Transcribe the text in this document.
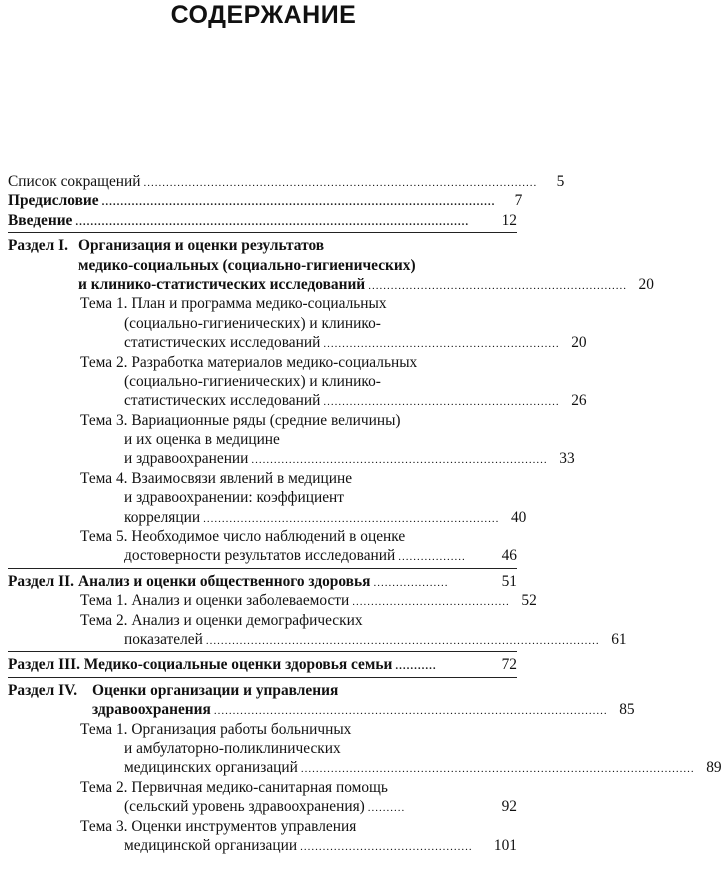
СОДЕРЖАНИЕ
Список сокращений .........................................................................................................	5
Предисловие .........................................................................................................	7
Введение .........................................................................................................	12
Раздел I. Организация и оценки результатов
медико-социальных (социально-гигиенических)
и клинико-статистических исследований ..................................................................... 20
Тема 1. План и программа медико-социальных
(социально-гигиенических) и клинико-
статистических исследований ............................................................... 20
Тема 2. Разработка материалов медико-социальных
(социально-гигиенических) и клинико-
статистических исследований ............................................................... 26
Тема 3. Вариационные ряды (средние величины)
и их оценка в медицине
и здравоохранении ............................................................................... 33
Тема 4. Взаимосвязи явлений в медицине
и здравоохранении: коэффициент
корреляции ............................................................................... 40
Тема 5. Необходимое число наблюдений в оценке
достоверности результатов исследований ..................	46
Раздел II. Анализ и оценки общественного здоровья ....................	51
Тема 1.
Анализ и оценки заболеваемости .......................................... 52
Тема 2. Анализ и оценки демографических
показателей ......................................................................................................... 61
Раздел III.
Медико-социальные оценки здоровья семьи ...........	72
Раздел IV. Оценки организации и управления
здравоохранения ......................................................................................................... 85
Тема 1. Организация работы больничных
и амбулаторно-поликлинических
медицинских организаций ......................................................................................................... 89
Тема 2. Первичная медико-санитарная помощь
(сельский уровень здравоохранения) ..........	92
Тема 3. Оценки инструментов управления
медицинской организации ..............................................	101
